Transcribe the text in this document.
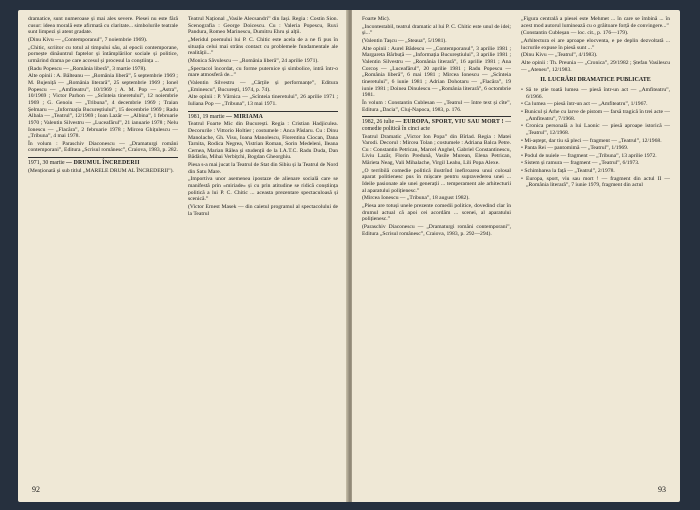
dramatice, sunt numeroase și mai ales severe. Piesei nu este fără cusur: ideea morală este afirmată cu claritate... simbolurile teatrale sunt limpezi și atent gradate.

(Dinu Kivu — „Contemporanul”, 7 noiembrie 1969).

„Chitic, scriitor cu totul al timpului său, al epocii contemporane, pornește dinăuntrul faptelor și întâmplărilor sociale și politice, urmărind drama pe care accesul și procesul la conștiința ...

(Radu Popescu — „România liberă”, 3 martie 1978).

Alte opinii : A. Bâlteanu — „România liberă”, 5 septembrie 1969 ; M. Bujeniță — „România literară”, 25 septembrie 1969 ; Ionel Popescu — „Amfiteatru”, 10/1969 ; A. M. Pop — „Astra”, 10/1969 ; Victor Parhon — „Scînteia tineretului”, 12 noiembrie 1969 ; G. Genoiu — „Tribuna”, 4 decembrie 1969 ; Traian Șelmaru — „Informația Bucureștiului”, 15 decembrie 1969 ; Radu Albala — „Teatrul”, 12/1969 ; Ioan Lazăr — „Albina”, 1 februarie 1970 ; Valentin Silvestru — „Luceafărul”, 21 ianuarie 1978 ; Nelu Ionescu — „Flacăra”, 2 februarie 1978 ; Mircea Ghițulescu — „Tribuna”, 4 mai 1978.

În volum : Paraschiv Diaconescu — „Dramaturgi români contemporani”, Editura „Scrisul românesc”, Craiova, 1983, p. 282.

1971, 30 martie — DRUMUL ÎNCREDERII

(Menționată și sub titlul „MARELE DRUM AL ÎNCREDERII”).

Teatrul Național „Vasile Alecsandri” din Iași. Regia : Costin Sion. Scenografia : George Doicescu. Cu : Valeria Popescu, Ruxi Pandura, Romeo Marinescu, Dumitru Ehru și alții.

„Meridul poemului lui P. C. Chitic este acela de a ne fi pus în situația celui mai strâns contact cu problemele fundamentale ale realității...”

(Monica Săvulescu — „România liberă”, 24 aprilie 1971).

„Spectacol încordat, cu forme puternice și simbolice, intră într-o mare atmosferă de...”

(Valentin Silvestru — „Cărțile și performanțe”, Editura „Eminescu”, București, 1974, p. 74).

Alte opinii : P. Vârnica — „Scînteia tineretului”, 26 aprilie 1971 ; Iuliana Pop — „Tribuna”, 13 mai 1971.

1981, 19 martie — MIRIAMA

Teatrul Foarte Mic din București. Regia : Cristian Hadjiculea. Decorurile : Vittorio Holtier ; costumele : Anca Pâslaru. Cu : Dinu Manolache, Gh. Visu, Ioana Manolescu, Florentina Ciocan, Dana Tarnita, Rodica Negrea, Vistrian Roman, Sorin Medeleni, Ileana Cernea, Marian Rălea și studenții de la I.A.T.C. Radu Duda, Dan Bădărău, Mihai Verbițchi, Bogdan Gheorghiu.

Piesa s-a mai jucat la Teatrul de Stat din Sibiu și la Teatrul de Nord din Satu Mare.

„Importiva unor asemenea ipostaze de alienare socială care se manifestă prin «miriade» și cu prin atitudine se ridică conștiința politică a lui P. C. Chitic ... aceasta prezentare spectaculoasă și scenică.”

(Victor Ernest Masek — din caietul programul al spectacolului de la Teatrul

92

Foarte Mic).

„Incontestabil, teatrul dramatic al lui P. C. Chitic este unul de idei; și...”

(Valentin Tașcu — „Steaua”, 5/1981).

Alte opinii : Aurel Bădescu — „Contemporanul”, 3 aprilie 1981 ; Margareta Bărbuță — „Informația Bucureștiului”, 3 aprilie 1981 ; Valentin Silvestru — „România literară”, 16 aprilie 1981 ; Ana Corcoș — „Luceafărul”, 20 aprilie 1981 ; Radu Popescu — „România liberă”, 6 mai 1981 ; Mircea Ionescu — „Scînteia tineretului”, 6 iunie 1981 ; Adrian Dohotaru — „Flacăra”, 19 iunie 1981 ; Doinea Dinulescu — „România literară”, 6 octombrie 1981.

În volum : Constantin Cublesan — „Teatrul — între text și cîte”, Editura „Dacia”, Cluj-Napoca, 1983, p. 176.

1982, 26 iulie — EUROPA, SPORT, VIU SAU MORT ! — comedie politică în cinci acte

Teatrul Dramatic „Victor Ion Popa” din Bîrlad. Regia : Matei Varodi. Decorul : Mircea Tolan ; costumele : Adriana Balca Petre. Cu : Constantin Petrican, Marcel Anghel, Gabriel Constantinescu, Liviu Lazăr, Florin Predună, Vasile Murean, Elena Petrican, Mărieta Neag, Vali Mihalache, Virgil Leahu, Lili Popa Alexe.

„O terribilă comedie politică ilustrînd inefiroarea unui colosal aparat politienesc pus în mișcare pentru supravederea unei ... Ideile pasionate ale unei generații ... temperament ale arhitecturii al aparatului polițienesc.”

(Mircea Ionescu — „Tribuna”, 18 august 1982).

„Piesa are totuși unele prezente comedii politice, dovedind clar în drumul actual că apoi cei acordăm ... scenei, al aparatului polițienesc.”

(Paraschiv Diaconescu — „Dramaturgi români contemporani”, Editura „Scrisul românesc”, Craiova, 1983, p. 292—294).

„Figura centrală a piesei este Mehmet ... în care se îmbină ... în acest mod autorul luminează cu o grăitoare forță de convingere...”

(Constantin Cubleșan — loc. cit., p. 176—179).

„Arhitectura ei are aproape elocventa, e pe deplin dezvoltată ... lucrurile expuse în piesă sunt ...”

(Dinu Kivu — „Teatrul”, 4/1983).

Alte opinii : Th. Preunia — „Cronica”, 29/1982 ; Ștefan Vasilescu — „Ateneu”, 12/1983.

II. LUCRĂRI DRAMATICE PUBLICATE

• Să te știe toată lumea — piesă într-un act — „Amfiteatru”, 6/1966.

• Ca lumea — piesă într-un act — „Amfiteatru”, 1/1967.

• Bunicul și Arhe cu larve de pistom — farsă tragică în trei acte — „Amfiteatru”, 7/1968.

• Cronica personală a lui Laonic — piesă aproape istorică — „Teatrul”, 12/1968.

• Mi-aștept, dar tiu să pleci — fragment — „Teatrul”, 12/1968.

• Panta Rei — pantomimă — „Teatrul”, 1/1969.

• Podul de nuiele — fragment — „Tribuna”, 13 aprilie 1972.

• Sistem și ramura — fragment — „Teatrul”, 6/1973.

• Schimbarea la față — „Teatrul”, 2/1978.

• Europa, sport, viu sau mort ! — fragment din actul II — „România literară”, 7 iunie 1979, fragment din actul

93
